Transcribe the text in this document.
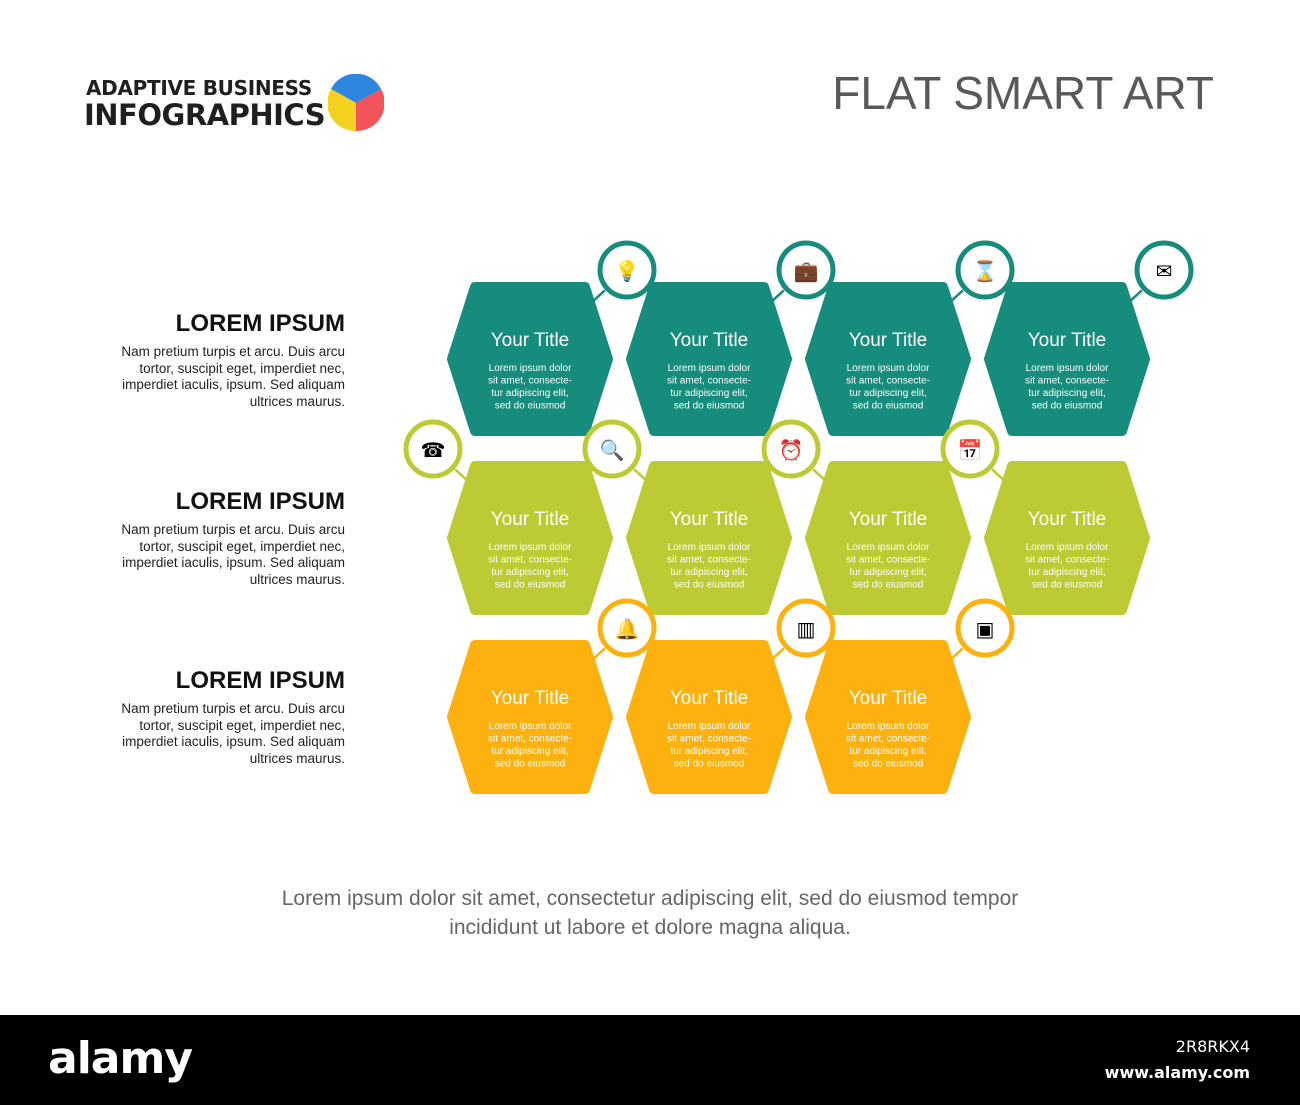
ADAPTIVE BUSINESS
INFOGRAPHICS	FLAT SMART ART
LOREM IPSUM
Nam pretium turpis et arcu. Duis arcu
tortor, suscipit eget, imperdiet nec,
imperdiet iaculis, ipsum. Sed aliquam
ultrices maurus.
LOREM IPSUM
Nam pretium turpis et arcu. Duis arcu
tortor, suscipit eget, imperdiet nec,
imperdiet iaculis, ipsum. Sed aliquam
ultrices maurus.
LOREM IPSUM
Nam pretium turpis et arcu. Duis arcu
tortor, suscipit eget, imperdiet nec,
imperdiet iaculis, ipsum. Sed aliquam
ultrices maurus.
💡
Your Title
Lorem ipsum dolor
sit amet, consecte-
tur adipiscing elit,
sed do eiusmod
💼
Your Title
Lorem ipsum dolor
sit amet, consecte-
tur adipiscing elit,
sed do eiusmod
⌛
Your Title
Lorem ipsum dolor
sit amet, consecte-
tur adipiscing elit,
sed do eiusmod
✉
Your Title
Lorem ipsum dolor
sit amet, consecte-
tur adipiscing elit,
sed do eiusmod
☎
Your Title
Lorem ipsum dolor
sit amet, consecte-
tur adipiscing elit,
sed do eiusmod
🔍
Your Title
Lorem ipsum dolor
sit amet, consecte-
tur adipiscing elit,
sed do eiusmod
⏰
Your Title
Lorem ipsum dolor
sit amet, consecte-
tur adipiscing elit,
sed do eiusmod
📅
Your Title
Lorem ipsum dolor
sit amet, consecte-
tur adipiscing elit,
sed do eiusmod
🔔
Your Title
Lorem ipsum dolor
sit amet, consecte-
tur adipiscing elit,
sed do eiusmod
▥
Your Title
Lorem ipsum dolor
sit amet, consecte-
tur adipiscing elit,
sed do eiusmod
▣
Your Title
Lorem ipsum dolor
sit amet, consecte-
tur adipiscing elit,
sed do eiusmod
Lorem ipsum dolor sit amet, consectetur adipiscing elit, sed do eiusmod tempor
incididunt ut labore et dolore magna aliqua.
alamy	2R8RKX4
www.alamy.com
